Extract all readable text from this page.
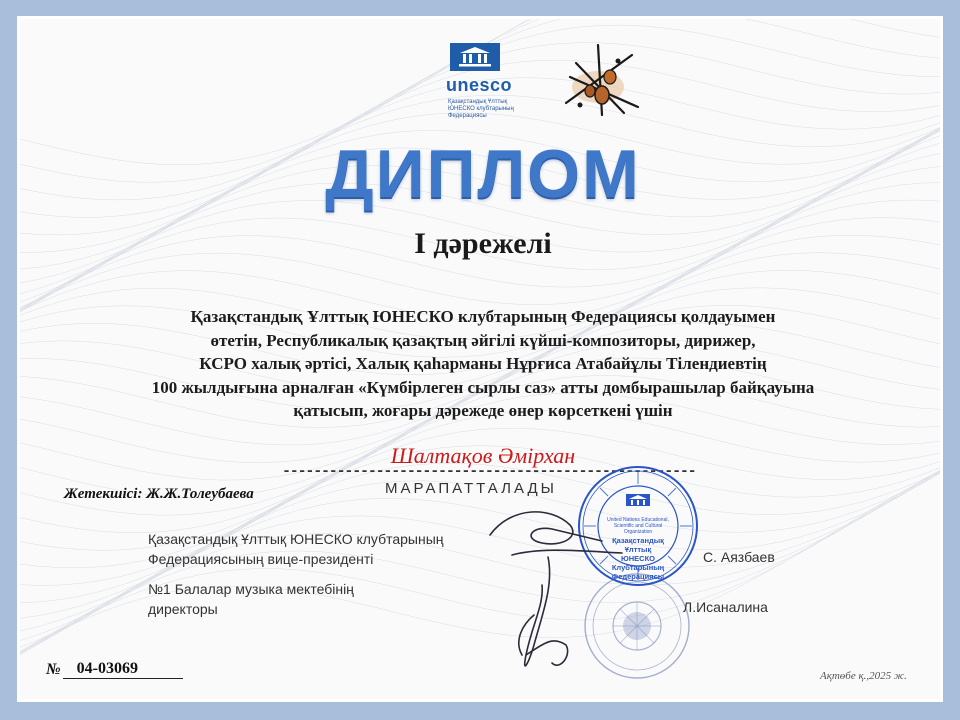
unesco
Қазақстандық Ұлттық
ЮНЕСКО клубтарының
Федерациясы
ДИПЛОМ
І дәрежелі
Қазақстандық Ұлттық ЮНЕСКО клубтарының Федерациясы қолдауымен
өтетін, Республикалық қазақтың әйгілі күйші-композиторы, дирижер,
КСРО халық әртісі, Халық қаһарманы Нұрғиса Атабайұлы Тілендиевтің
100 жылдығына арналған «Күмбірлеген сырлы саз» атты домбырашылар байқауына
қатысып, жоғары дәрежеде өнер көрсеткені үшін
Шалтақов Әмірхан
-----------------------------------------------------
МАРАПАТТАЛАДЫ
Жетекшісі: Ж.Ж.Толеубаева
Қазақстандық Ұлттық ЮНЕСКО клубтарының
Федерациясының вице-президенті
№1 Балалар музыка мектебінің
директоры
United Nations Educational,
Scientific and Cultural
Organization
Қазақстандық Ұлттық
ЮНЕСКО
Клубтарының
Федерациясы
С. Аязбаев
Л.Исаналина
№	04-03069	Ақтөбе қ.,2025 ж.
